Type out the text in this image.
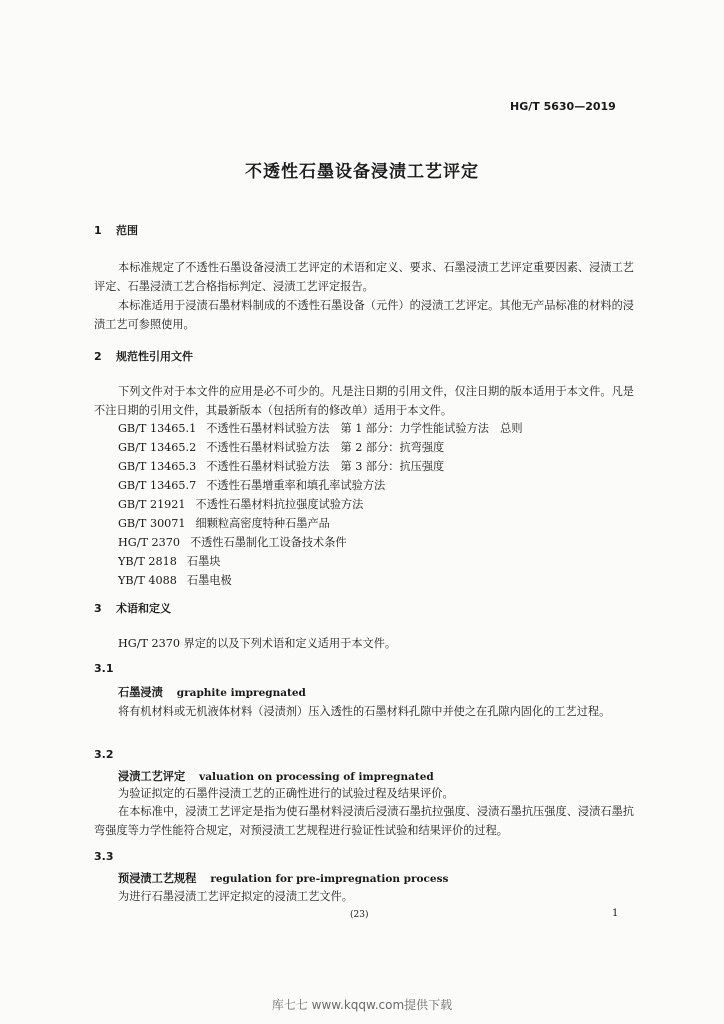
HG/T 5630—2019
不透性石墨设备浸渍工艺评定
1 范围
本标准规定了不透性石墨设备浸渍工艺评定的术语和定义、要求、石墨浸渍工艺评定重要因素、浸渍工艺评定、石墨浸渍工艺合格指标判定、浸渍工艺评定报告。
本标准适用于浸渍石墨材料制成的不透性石墨设备（元件）的浸渍工艺评定。其他无产品标准的材料的浸渍工艺可参照使用。
2 规范性引用文件
下列文件对于本文件的应用是必不可少的。凡是注日期的引用文件，仅注日期的版本适用于本文件。凡是不注日期的引用文件，其最新版本（包括所有的修改单）适用于本文件。
GB/T 13465.1 不透性石墨材料试验方法　第 1 部分：力学性能试验方法　总则
GB/T 13465.2 不透性石墨材料试验方法　第 2 部分：抗弯强度
GB/T 13465.3 不透性石墨材料试验方法　第 3 部分：抗压强度
GB/T 13465.7 不透性石墨增重率和填孔率试验方法
GB/T 21921 不透性石墨材料抗拉强度试验方法
GB/T 30071 细颗粒高密度特种石墨产品
HG/T 2370 不透性石墨制化工设备技术条件
YB/T 2818 石墨块
YB/T 4088 石墨电极
3 术语和定义
HG/T 2370 界定的以及下列术语和定义适用于本文件。
3.1
石墨浸渍 graphite impregnated
将有机材料或无机液体材料（浸渍剂）压入透性的石墨材料孔隙中并使之在孔隙内固化的工艺过程。
3.2
浸渍工艺评定 valuation on processing of impregnated
为验证拟定的石墨件浸渍工艺的正确性进行的试验过程及结果评价。
在本标准中，浸渍工艺评定是指为使石墨材料浸渍后浸渍石墨抗拉强度、浸渍石墨抗压强度、浸渍石墨抗弯强度等力学性能符合规定，对预浸渍工艺规程进行验证性试验和结果评价的过程。
3.3
预浸渍工艺规程 regulation for pre-impregnation process
为进行石墨浸渍工艺评定拟定的浸渍工艺文件。
(23)	1
库七七 www.kqqw.com提供下载
